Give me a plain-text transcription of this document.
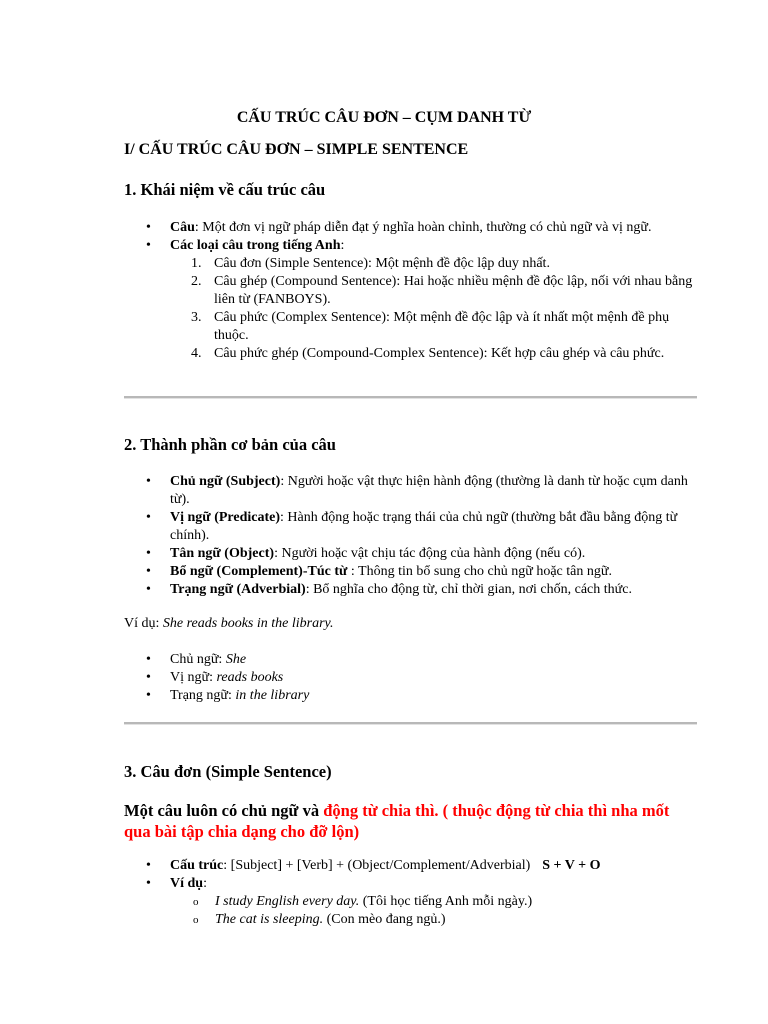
CẤU TRÚC CÂU ĐƠN – CỤM DANH TỪ
I/ CẤU TRÚC CÂU ĐƠN – SIMPLE SENTENCE
1. Khái niệm về cấu trúc câu
• Câu: Một đơn vị ngữ pháp diễn đạt ý nghĩa hoàn chỉnh, thường có chủ ngữ và vị ngữ.
• Các loại câu trong tiếng Anh:
1. Câu đơn (Simple Sentence): Một mệnh đề độc lập duy nhất.
2. Câu ghép (Compound Sentence): Hai hoặc nhiều mệnh đề độc lập, nối với nhau bằng liên từ (FANBOYS).
3. Câu phức (Complex Sentence): Một mệnh đề độc lập và ít nhất một mệnh đề phụ thuộc.
4. Câu phức ghép (Compound-Complex Sentence): Kết hợp câu ghép và câu phức.
2. Thành phần cơ bản của câu
• Chủ ngữ (Subject): Người hoặc vật thực hiện hành động (thường là danh từ hoặc cụm danh từ).
• Vị ngữ (Predicate): Hành động hoặc trạng thái của chủ ngữ (thường bắt đầu bằng động từ chính).
• Tân ngữ (Object): Người hoặc vật chịu tác động của hành động (nếu có).
• Bổ ngữ (Complement)-Túc từ : Thông tin bổ sung cho chủ ngữ hoặc tân ngữ.
• Trạng ngữ (Adverbial): Bổ nghĩa cho động từ, chỉ thời gian, nơi chốn, cách thức.
Ví dụ: She reads books in the library.
• Chủ ngữ: She
• Vị ngữ: reads books
• Trạng ngữ: in the library
3. Câu đơn (Simple Sentence)
Một câu luôn có chủ ngữ và động từ chia thì. ( thuộc động từ chia thì nha mốt qua bài tập chia dạng cho đỡ lộn)
• Cấu trúc: [Subject] + [Verb] + (Object/Complement/Adverbial) S + V + O
• Ví dụ:
o I study English every day. (Tôi học tiếng Anh mỗi ngày.)
o The cat is sleeping. (Con mèo đang ngủ.)
